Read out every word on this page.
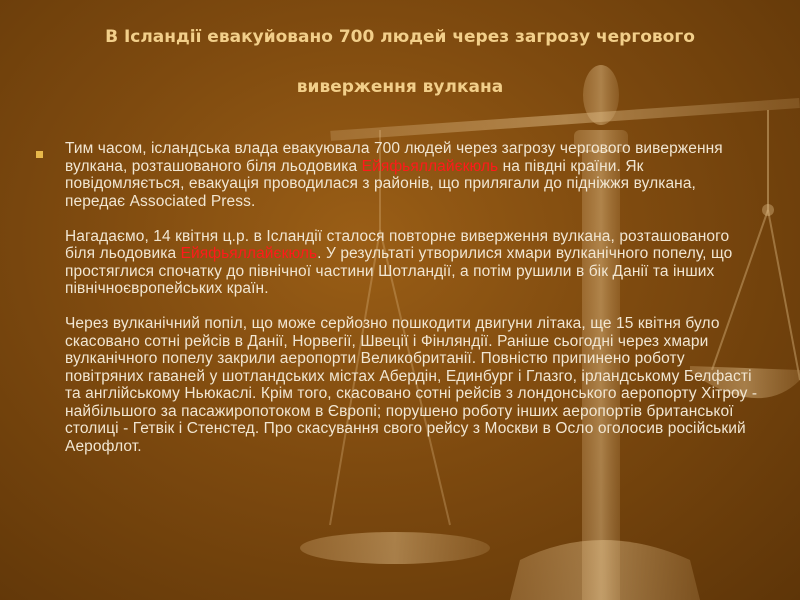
В Ісландії евакуйовано 700 людей через загрозу чергового
виверження вулкана

Тим часом, ісландська влада евакуювала 700 людей через загрозу чергового виверження вулкана, розташованого біля льодовика Ейяфьяллайєкюль на півдні країни. Як повідомляється, евакуація проводилася з районів, що прилягали до підніжжя вулкана, передає Associated Press.

Нагадаємо, 14 квітня ц.р. в Ісландії сталося повторне виверження вулкана, розташованого біля льодовика Ейяфьяллайєкюль. У результаті утворилися хмари вулканічного попелу, що простяглися спочатку до північної частини Шотландії, а потім рушили в бік Данії та інших північноєвропейських країн.

Через вулканічний попіл, що може серйозно пошкодити двигуни літака, ще 15 квітня було скасовано сотні рейсів в Данії, Норвегії, Швеції і Фінляндії. Раніше сьогодні через хмари вулканічного попелу закрили аеропорти Великобританії. Повністю припинено роботу повітряних гаваней у шотландських містах Абердін, Единбург і Глазго, ірландському Белфасті та англійському Ньюкаслі. Крім того, скасовано сотні рейсів з лондонського аеропорту Хітроу - найбільшого за пасажиропотоком в Європі; порушено роботу інших аеропортів британської столиці - Гетвік і Стенстед. Про скасування свого рейсу з Москви в Осло оголосив російський Аерофлот.
